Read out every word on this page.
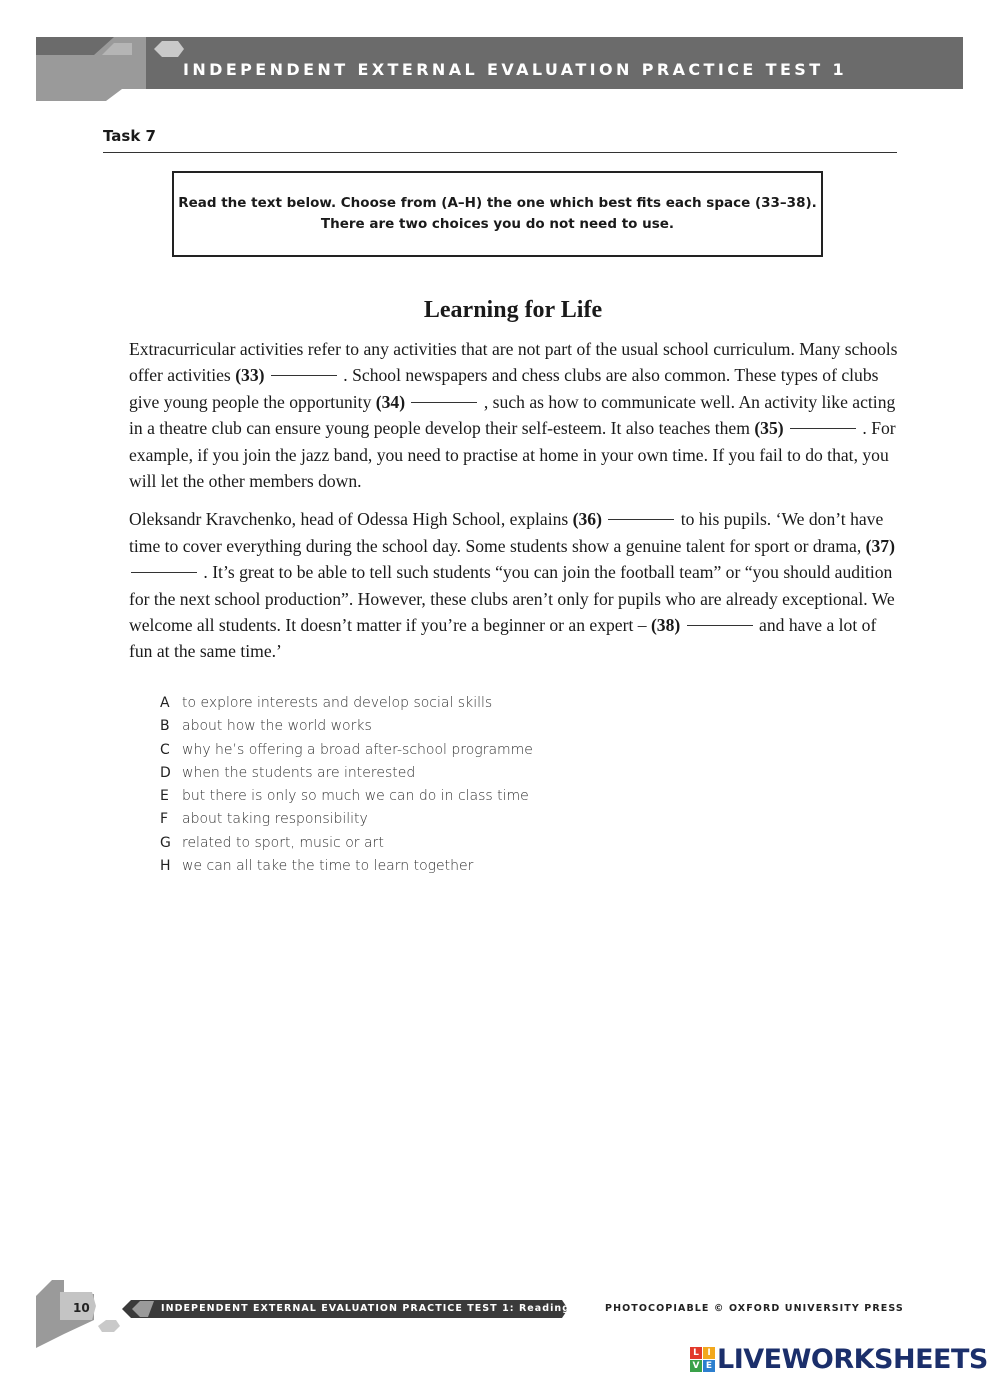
INDEPENDENT EXTERNAL EVALUATION PRACTICE TEST 1
Task 7
Read the text below. Choose from (A–H) the one which best fits each space (33–38).
There are two choices you do not need to use.
Learning for Life

Extracurricular activities refer to any activities that are not part of the usual school curriculum. Many schools offer activities (33)	. School newspapers and chess clubs are also common. These types of clubs give young people the opportunity (34)	, such as how to communicate well. An activity like acting in a theatre club can ensure young people develop their self-esteem. It also teaches them (35)	. For example, if you join the jazz band, you need to practise at home in your own time. If you fail to do that, you will let the other members down.

Oleksandr Kravchenko, head of Odessa High School, explains (36)	to his pupils. ‘We don’t have time to cover everything during the school day. Some students show a genuine talent for sport or drama, (37)  . It’s great to be able to tell such students “you can join the football team” or “you should audition for the next school production”. However, these clubs aren’t only for pupils who are already exceptional. We welcome all students. It doesn’t matter if you’re a beginner or an expert – (38)	and have a lot of fun at the same time.’

A to explore interests and develop social skills
B about how the world works
C why he’s offering a broad after-school programme
D when the students are interested
E but there is only so much we can do in class time
F about taking responsibility
G related to sport, music or art
H we can all take the time to learn together
10	INDEPENDENT EXTERNAL EVALUATION PRACTICE TEST 1: Reading	PHOTOCOPIABLE © OXFORD UNIVERSITY PRESS
L I
V E LIVEWORKSHEETS
